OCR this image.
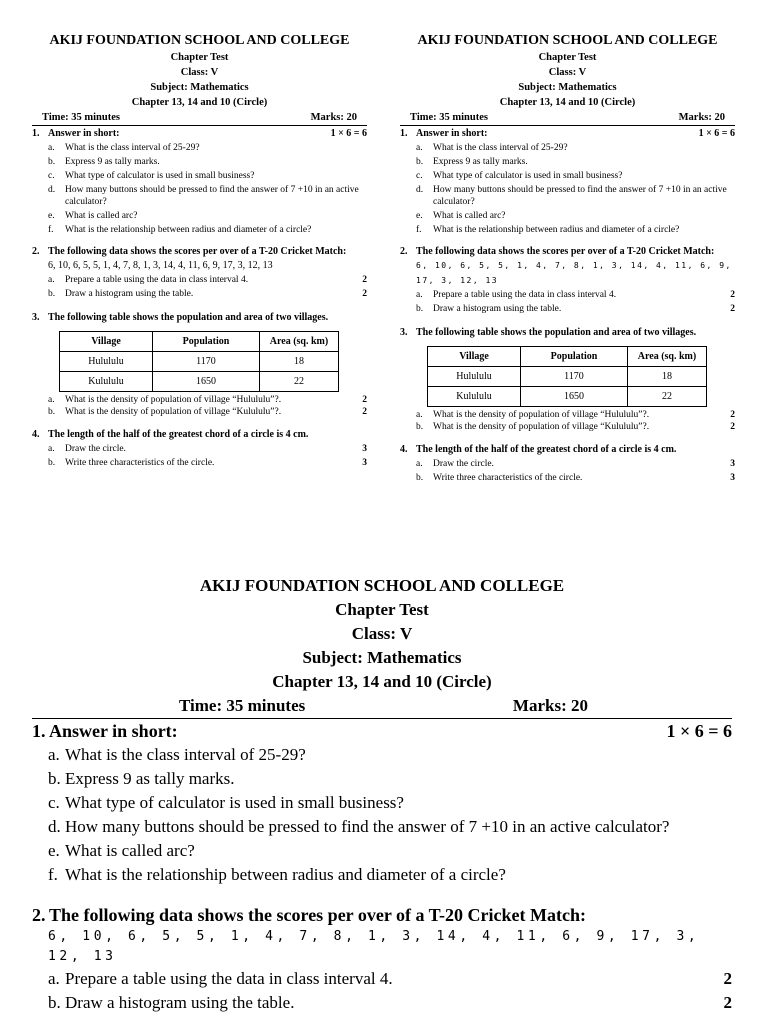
AKIJ FOUNDATION SCHOOL AND COLLEGE
Chapter Test
Class: V
Subject: Mathematics
Chapter 13, 14 and 10 (Circle)
Time: 35 minutes	Marks: 20
1. Answer in short:	1 × 6 = 6
a.	What is the class interval of 25-29?
b.	Express 9 as tally marks.
c.	What type of calculator is used in small business?
d.	How many buttons should be pressed to find the answer of 7 +10 in an active calculator?
e.	What is called arc?
f.	What is the relationship between radius and diameter of a circle?
2. The following data shows the scores per over of a T-20 Cricket Match:
6, 10, 6, 5, 5, 1, 4, 7, 8, 1, 3, 14, 4, 11, 6, 9, 17, 3, 12, 13
a.	Prepare a table using the data in class interval 4.	2
b.	Draw a histogram using the table.	2
3. The following table shows the population and area of two villages.
Village	Population	Area (sq. km)
Hulululu	1170	18
Kulululu	1650	22
a.	What is the density of population of village “Hulululu”?.	2
b.	What is the density of population of village “Kulululu”?.	2
4. The length of the half of the greatest chord of a circle is 4 cm.
a.	Draw the circle.	3
b.	Write three characteristics of the circle.	3
AKIJ FOUNDATION SCHOOL AND COLLEGE
Chapter Test
Class: V
Subject: Mathematics
Chapter 13, 14 and 10 (Circle)
Time: 35 minutes	Marks: 20
1. Answer in short:	1 × 6 = 6
a.	What is the class interval of 25-29?
b.	Express 9 as tally marks.
c.	What type of calculator is used in small business?
d.	How many buttons should be pressed to find the answer of 7 +10 in an active calculator?
e.	What is called arc?
f.	What is the relationship between radius and diameter of a circle?
2. The following data shows the scores per over of a T-20 Cricket Match:
6, 10, 6, 5, 5, 1, 4, 7, 8, 1, 3, 14, 4, 11, 6, 9, 17, 3, 12, 13
a.	Prepare a table using the data in class interval 4.	2
b.	Draw a histogram using the table.	2
3. The following table shows the population and area of two villages.
Village	Population	Area (sq. km)
Hulululu	1170	18
Kulululu	1650	22
a.	What is the density of population of village “Hulululu”?.	2
b.	What is the density of population of village “Kulululu”?.	2
4. The length of the half of the greatest chord of a circle is 4 cm.
a.	Draw the circle.	3
b.	Write three characteristics of the circle.	3
AKIJ FOUNDATION SCHOOL AND COLLEGE
Chapter Test
Class: V
Subject: Mathematics
Chapter 13, 14 and 10 (Circle)
Time: 35 minutes	Marks: 20
1. Answer in short:	1 × 6 = 6
a. What is the class interval of 25-29?
b. Express 9 as tally marks.
c. What type of calculator is used in small business?
d. How many buttons should be pressed to find the answer of 7 +10 in an active calculator?
e. What is called arc?
f. What is the relationship between radius and diameter of a circle?
2. The following data shows the scores per over of a T-20 Cricket Match:
6, 10, 6, 5, 5, 1, 4, 7, 8, 1, 3, 14, 4, 11, 6, 9, 17, 3, 12, 13
a. Prepare a table using the data in class interval 4.	2
b. Draw a histogram using the table.	2
